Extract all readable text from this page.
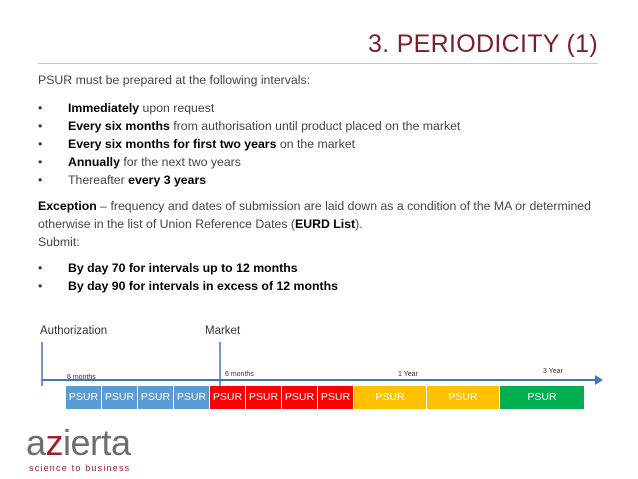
3. PERIODICITY (1)

PSUR must be prepared at the following intervals:

• Immediately upon request
• Every six months from authorisation until product placed on the market
• Every six months for first two years on the market
• Annually for the next two years
• Thereafter every 3 years

Exception – frequency and dates of submission are laid down as a condition of the MA or determined otherwise in the list of Union Reference Dates (EURD List).

Submit:

• By day 70 for intervals up to 12 months
• By day 90 for intervals in excess of 12 months
Authorization	Market
6 months	6 months	1 Year	3 Year
PSUR PSUR PSUR PSUR PSUR PSUR PSUR PSUR	PSUR	PSUR	PSUR
azierta
science to business
